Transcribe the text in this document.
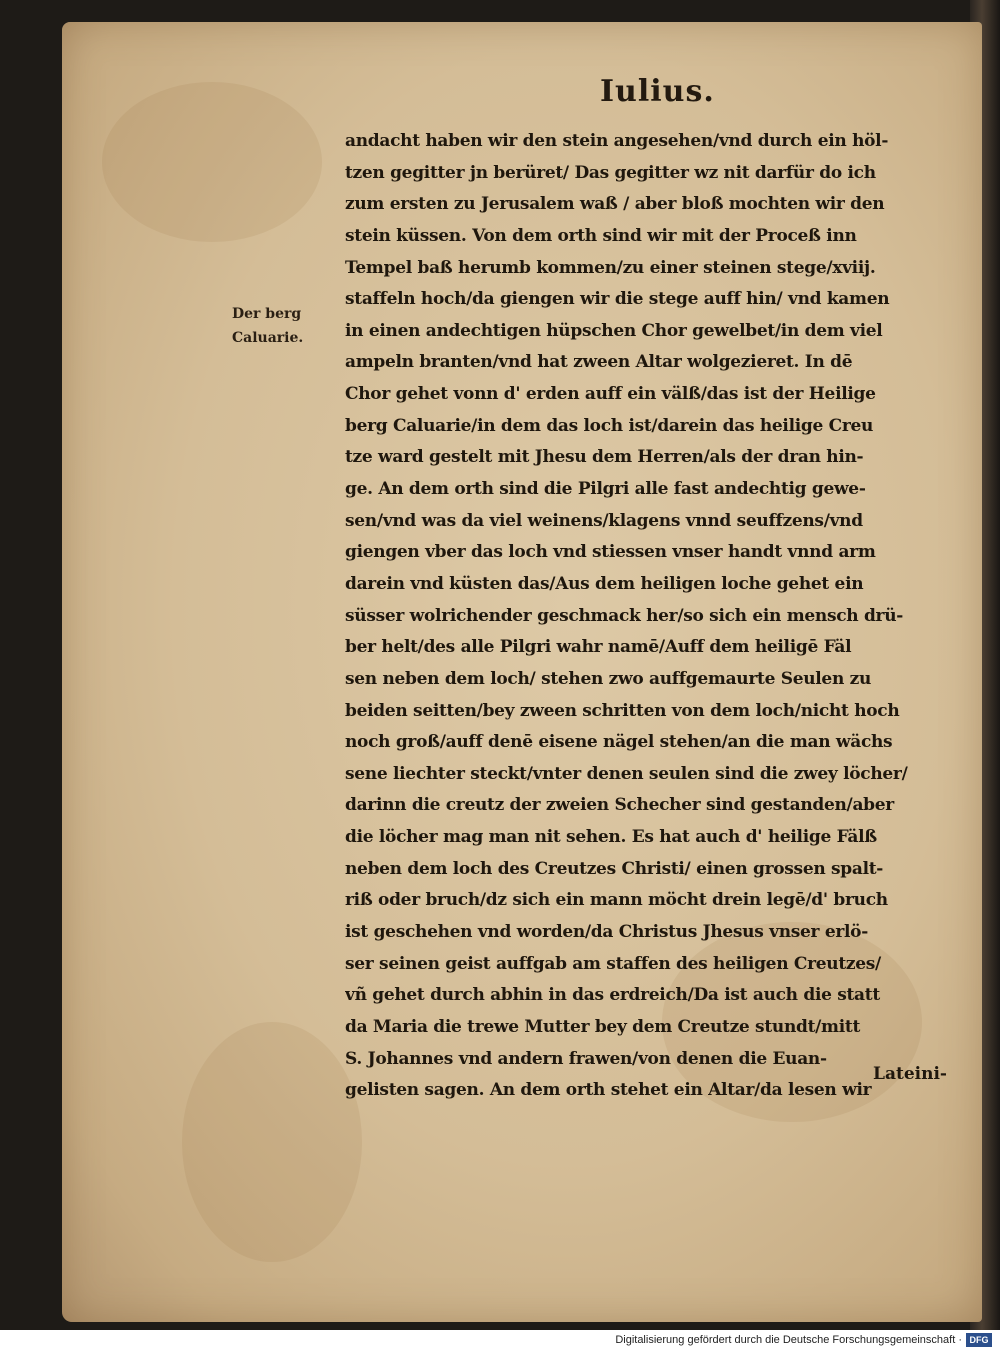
Iulius.
Der berg
Caluarie.
andacht haben wir den stein angesehen/vnd durch ein höl-
tzen gegitter jn berüret/ Das gegitter wz nit darfür do ich
zum ersten zu Jerusalem waß / aber bloß mochten wir den
stein küssen. Von dem orth sind wir mit der Proceß inn
Tempel baß herumb kommen/zu einer steinen stege/xviij.
staffeln hoch/da giengen wir die stege auff hin/ vnd kamen
in einen andechtigen hüpschen Chor gewelbet/in dem viel
ampeln branten/vnd hat zween Altar wolgezieret. In dē
Chor gehet vonn d' erden auff ein välß/das ist der Heilige
berg Caluarie/in dem das loch ist/darein das heilige Creu
tze ward gestelt mit Jhesu dem Herren/als der dran hin-
ge. An dem orth sind die Pilgri alle fast andechtig gewe-
sen/vnd was da viel weinens/klagens vnnd seuffzens/vnd
giengen vber das loch vnd stiessen vnser handt vnnd arm
darein vnd küsten das/Aus dem heiligen loche gehet ein
süsser wolrichender geschmack her/so sich ein mensch drü-
ber helt/des alle Pilgri wahr namē/Auff dem heiligē Fäl
sen neben dem loch/ stehen zwo auffgemaurte Seulen zu
beiden seitten/bey zween schritten von dem loch/nicht hoch
noch groß/auff denē eisene nägel stehen/an die man wächs
sene liechter steckt/vnter denen seulen sind die zwey löcher/
darinn die creutz der zweien Schecher sind gestanden/aber
die löcher mag man nit sehen. Es hat auch d' heilige Fälß
neben dem loch des Creutzes Christi/ einen grossen spalt-
riß oder bruch/dz sich ein mann möcht drein legē/d' bruch
ist geschehen vnd worden/da Christus Jhesus vnser erlö-
ser seinen geist auffgab am staffen des heiligen Creutzes/
vñ gehet durch abhin in das erdreich/Da ist auch die statt
da Maria die trewe Mutter bey dem Creutze stundt/mitt
S. Johannes vnd andern frawen/von denen die Euan-
gelisten sagen. An dem orth stehet ein Altar/da lesen wir
Lateini-
Digitalisierung gefördert durch die Deutsche Forschungsgemeinschaft · DFG
